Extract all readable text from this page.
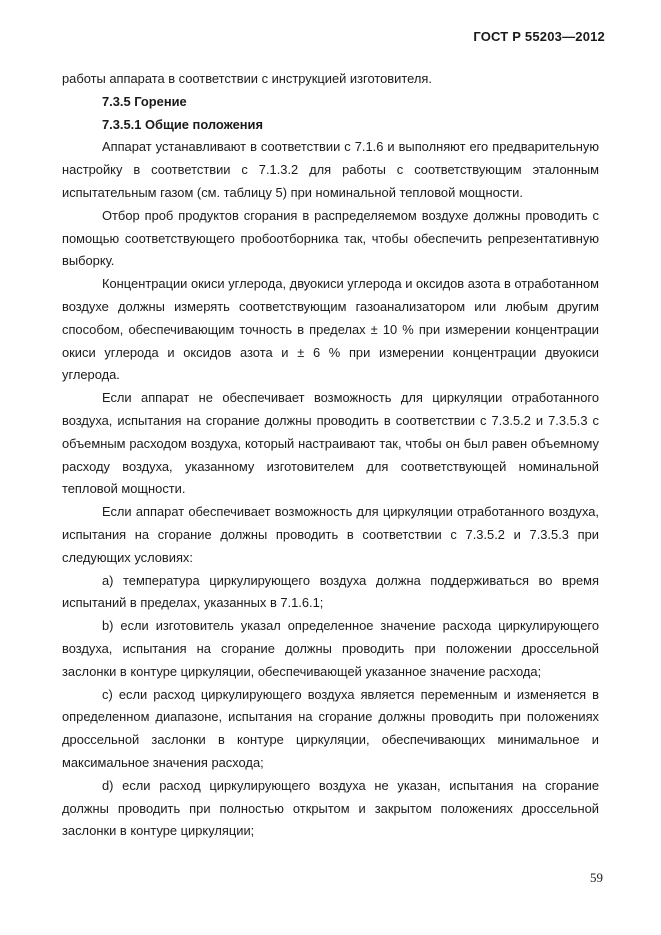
ГОСТ Р 55203—2012

работы аппарата в соответствии с инструкцией изготовителя.

7.3.5 Горение
7.3.5.1 Общие положения

Аппарат устанавливают в соответствии с 7.1.6 и выполняют его предварительную настройку в соответствии с 7.1.3.2 для работы с соответствующим эталонным испытательным газом (см. таблицу 5) при номинальной тепловой мощности.

Отбор проб продуктов сгорания в распределяемом воздухе должны проводить с помощью соответствующего пробоотборника так, чтобы обеспечить репрезентативную выборку.

Концентрации окиси углерода, двуокиси углерода и оксидов азота в отработанном воздухе должны измерять соответствующим газоанализатором или любым другим способом, обеспечивающим точность в пределах ± 10 % при измерении концентрации окиси углерода и оксидов азота и ± 6 % при измерении концентрации двуокиси углерода.

Если аппарат не обеспечивает возможность для циркуляции отработанного воздуха, испытания на сгорание должны проводить в соответствии с 7.3.5.2 и 7.3.5.3 с объемным расходом воздуха, который настраивают так, чтобы он был равен объемному расходу воздуха, указанному изготовителем для соответствующей номинальной тепловой мощности.

Если аппарат обеспечивает возможность для циркуляции отработанного воздуха, испытания на сгорание должны проводить в соответствии с 7.3.5.2 и 7.3.5.3 при следующих условиях:

a) температура циркулирующего воздуха должна поддерживаться во время испытаний в пределах, указанных в 7.1.6.1;

b) если изготовитель указал определенное значение расхода циркулирующего воздуха, испытания на сгорание должны проводить при положении дроссельной заслонки в контуре циркуляции, обеспечивающей указанное значение расхода;

c) если расход циркулирующего воздуха является переменным и изменяется в определенном диапазоне, испытания на сгорание должны проводить при положениях дроссельной заслонки в контуре циркуляции, обеспечивающих минимальное и максимальное значения расхода;

d) если расход циркулирующего воздуха не указан, испытания на сгорание должны проводить при полностью открытом и закрытом положениях дроссельной заслонки в контуре циркуляции;

59
